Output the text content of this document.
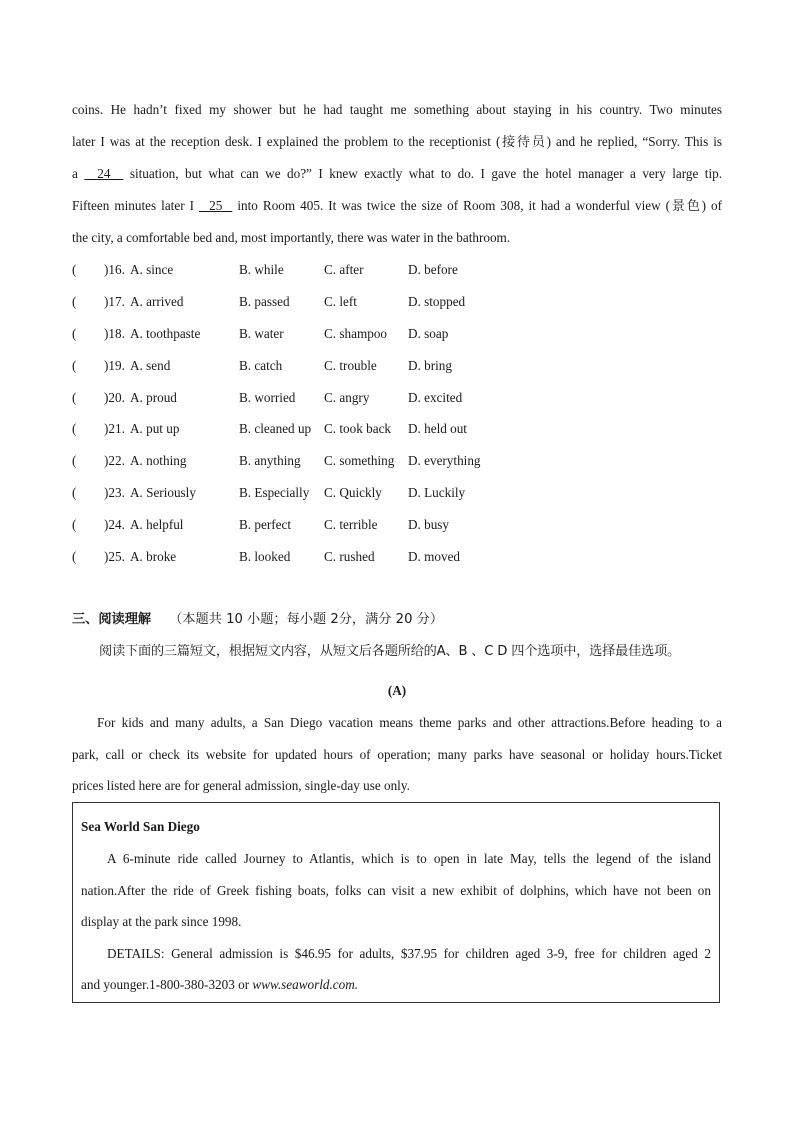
coins. He hadn’t fixed my shower but he had taught me something about staying in his country. Two minutes
later I was at the reception desk. I explained the problem to the receptionist (接待员) and he replied, “Sorry. This is
a   24   situation, but what can we do?” I knew exactly what to do. I gave the hotel manager a very large tip.
Fifteen minutes later I   25   into Room 405. It was twice the size of Room 308, it had a wonderful view (景色) of
the city, a comfortable bed and, most importantly, there was water in the bathroom.
( )16. A. since	B. while	C. after	D. before
( )17. A. arrived	B. passed	C. left	D. stopped
( )18. A. toothpaste	B. water	C. shampoo D. soap
( )19. A. send	B. catch	C. trouble D. bring
( )20. A. proud	B. worried C. angry	D. excited
( )21. A. put up	B. cleaned up C. took back D. held out
( )22. A. nothing	B. anything C. something D. everything
( )23. A. Seriously	B. Especially C. Quickly D. Luckily
( )24. A. helpful	B. perfect	C. terrible D. busy
( )25. A. broke	B. looked	C. rushed	D. moved
三、阅读理解 （本题共 10 小题；每小题 2分，满分 20 分）
阅读下面的三篇短文，根据短文内容，从短文后各题所给的A、B 、C D 四个选项中，选择最佳选项。
(A)
For kids and many adults, a San Diego vacation means theme parks and other attractions.Before heading to a
park, call or check its website for updated hours of operation; many parks have seasonal or holiday hours.Ticket
prices listed here are for general admission, single-day use only.
Sea World San Diego
A 6-minute ride called Journey to Atlantis, which is to open in late May, tells the legend of the island
nation.After the ride of Greek fishing boats, folks can visit a new exhibit of dolphins, which have not been on
display at the park since 1998.
DETAILS: General admission is $46.95 for adults, $37.95 for children aged 3-9, free for children aged 2
and younger.1-800-380-3203 or www.seaworld.com.
